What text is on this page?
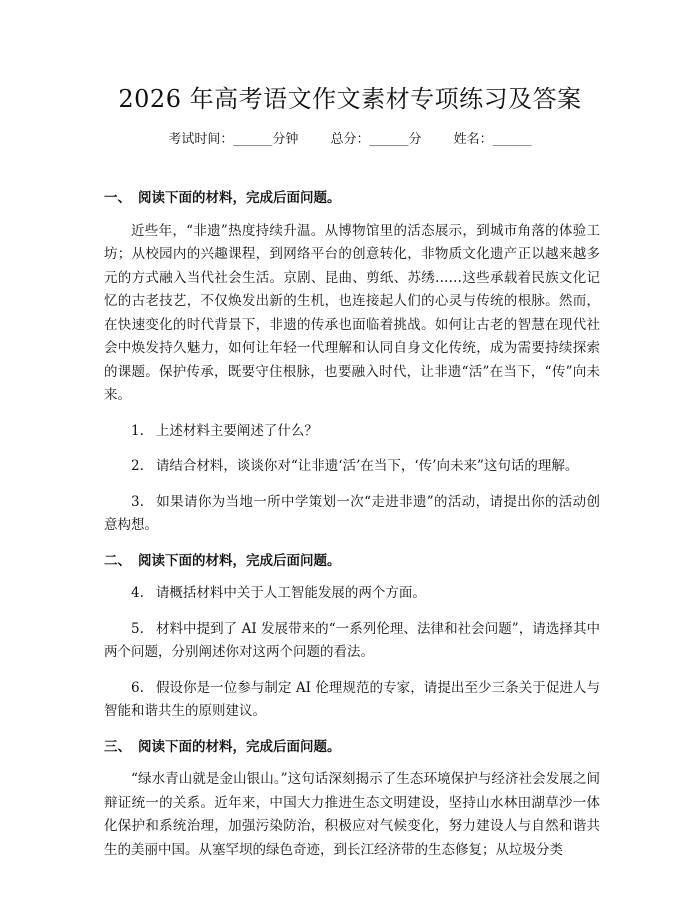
2026 年高考语文作文素材专项练习及答案
考试时间：______分钟 总分：______分 姓名：______
一、 阅读下面的材料，完成后面问题。

近些年，“非遗”热度持续升温。从博物馆里的活态展示，到城市角落的体验工坊；从校园内的兴趣课程，到网络平台的创意转化，非物质文化遗产正以越来越多元的方式融入当代社会生活。京剧、昆曲、剪纸、苏绣……这些承载着民族文化记忆的古老技艺，不仅焕发出新的生机，也连接起人们的心灵与传统的根脉。然而，在快速变化的时代背景下，非遗的传承也面临着挑战。如何让古老的智慧在现代社会中焕发持久魅力，如何让年轻一代理解和认同自身文化传统，成为需要持续探索的课题。保护传承，既要守住根脉，也要融入时代，让非遗“活”在当下，“传”向未来。

1. 上述材料主要阐述了什么？

2. 请结合材料，谈谈你对“让非遗‘活’在当下，‘传’向未来”这句话的理解。

3. 如果请你为当地一所中学策划一次“走进非遗”的活动，请提出你的活动创意构想。

二、 阅读下面的材料，完成后面问题。

4. 请概括材料中关于人工智能发展的两个方面。

5. 材料中提到了 AI 发展带来的“一系列伦理、法律和社会问题”，请选择其中两个问题，分别阐述你对这两个问题的看法。

6. 假设你是一位参与制定 AI 伦理规范的专家，请提出至少三条关于促进人与智能和谐共生的原则建议。

三、 阅读下面的材料，完成后面问题。

“绿水青山就是金山银山。”这句话深刻揭示了生态环境保护与经济社会发展之间辩证统一的关系。近年来，中国大力推进生态文明建设，坚持山水林田湖草沙一体化保护和系统治理，加强污染防治，积极应对气候变化，努力建设人与自然和谐共生的美丽中国。从塞罕坝的绿色奇迹，到长江经济带的生态修复；从垃圾分类
